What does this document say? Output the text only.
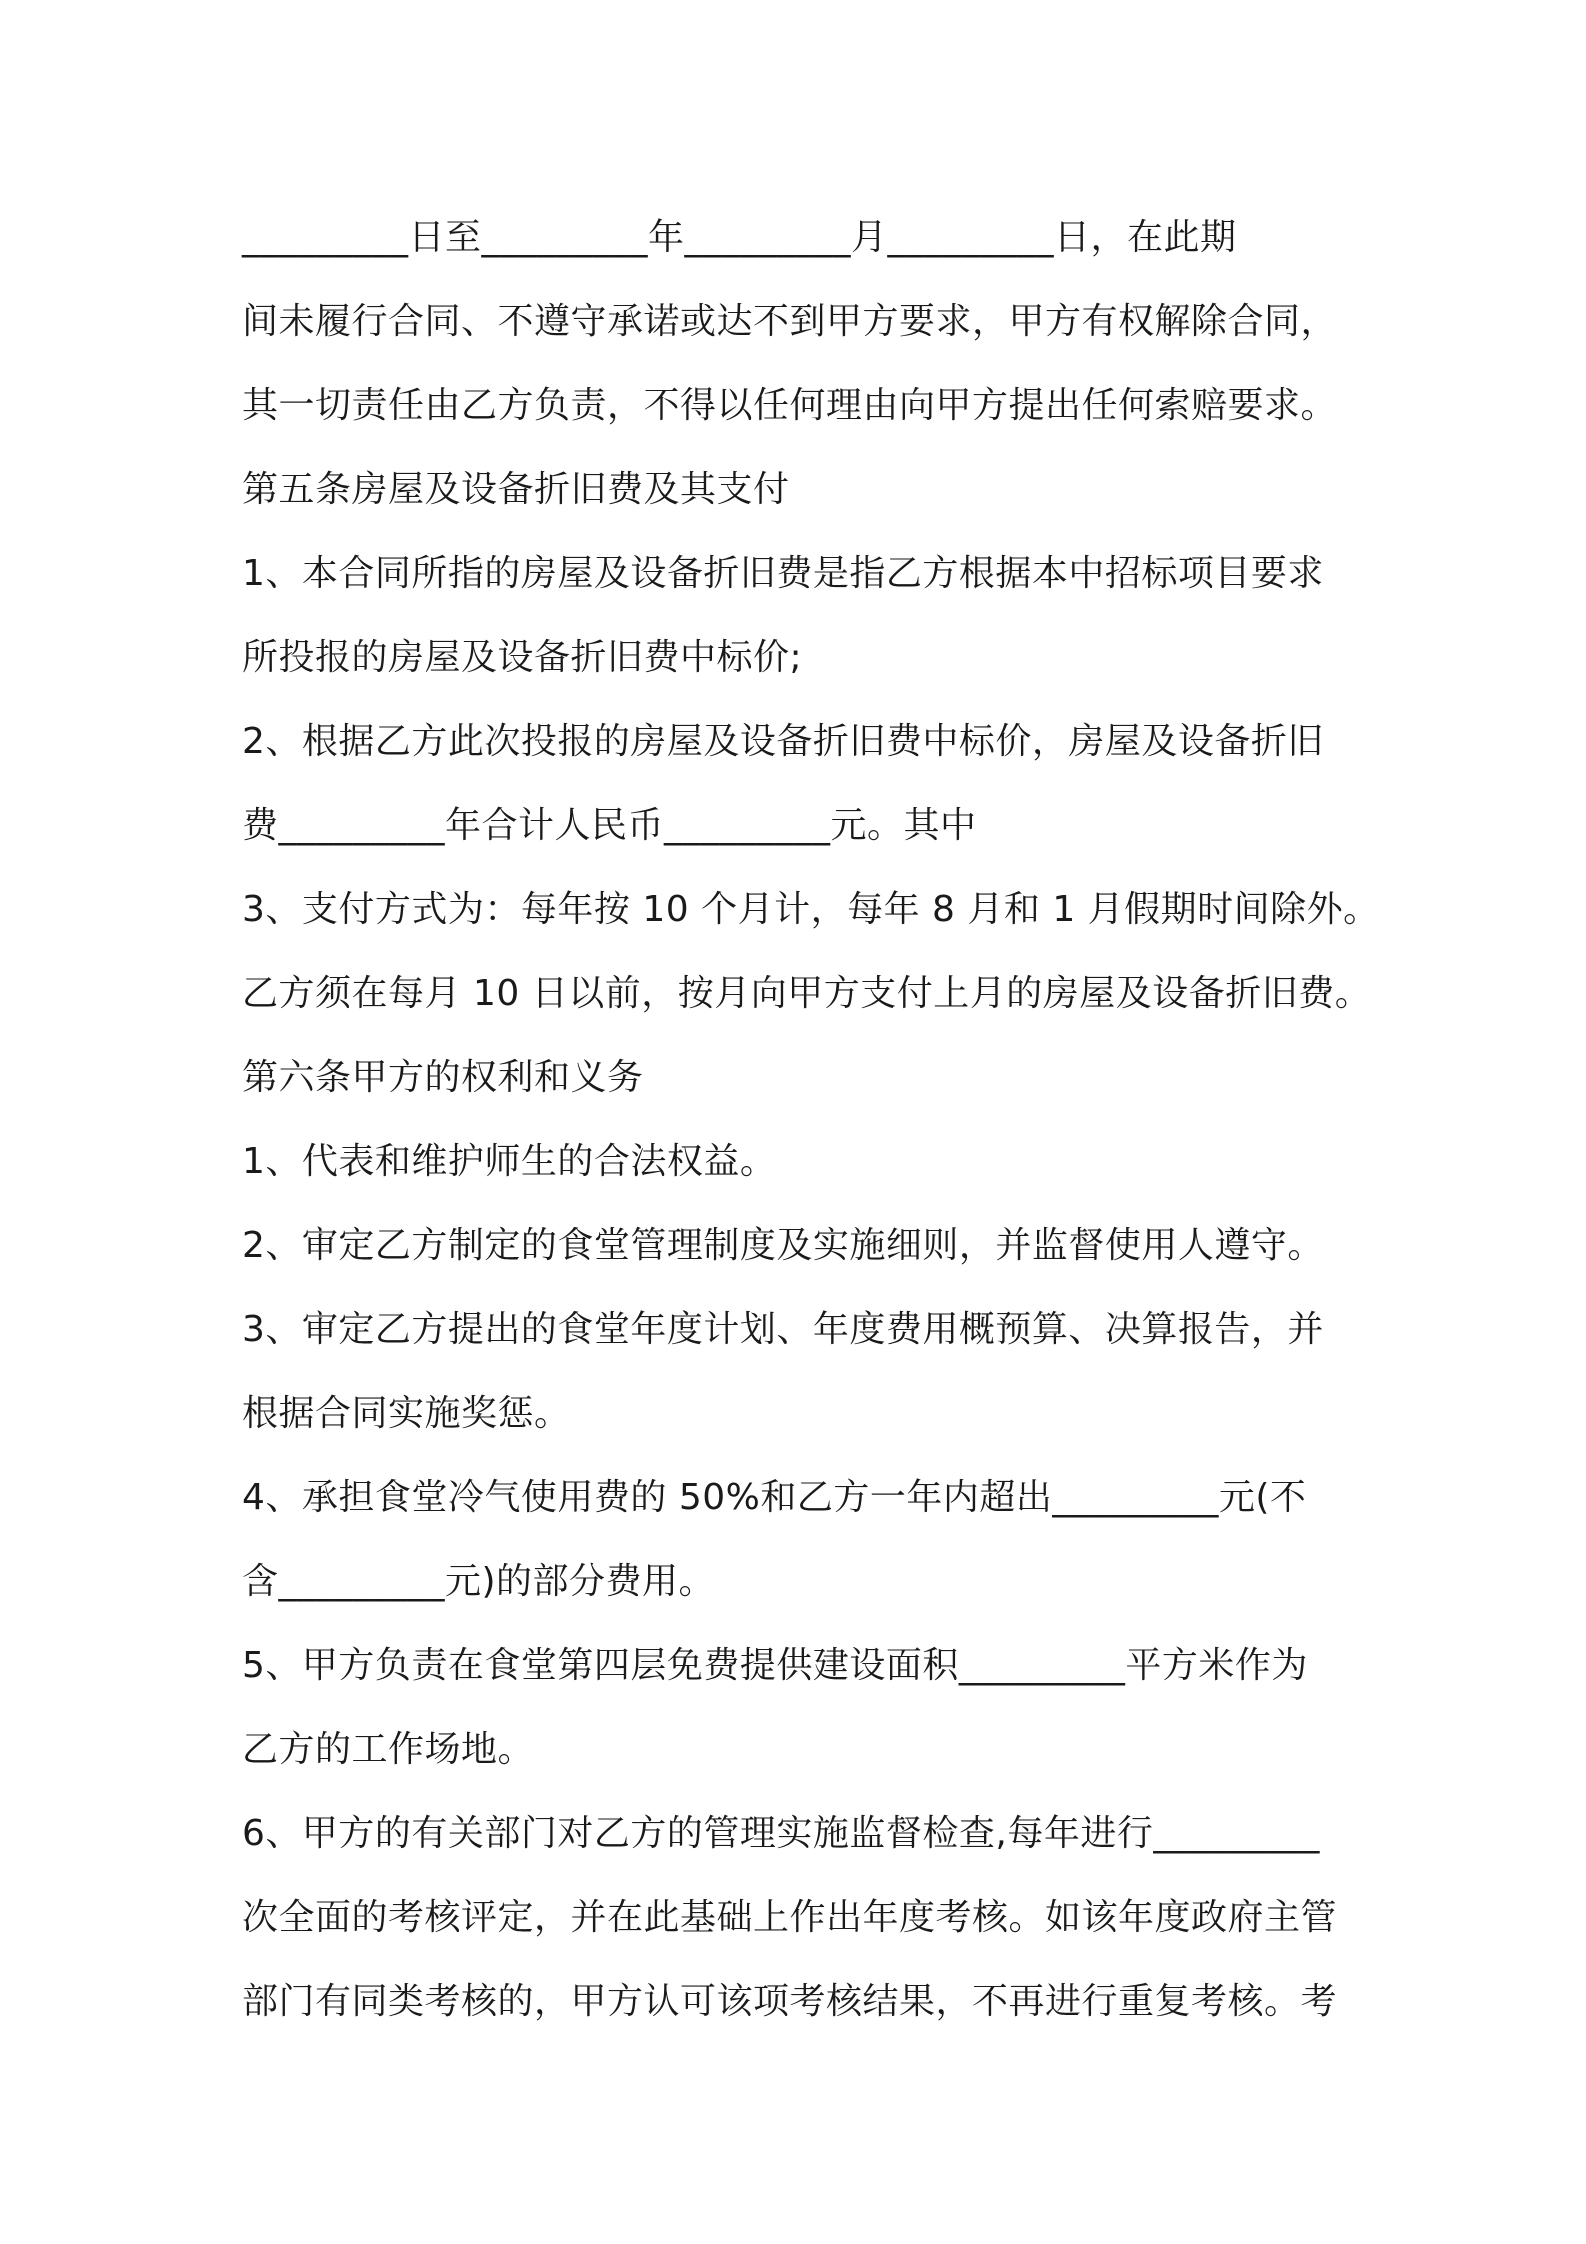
_________日至_________年_________月_________日，在此期
间未履行合同、不遵守承诺或达不到甲方要求，甲方有权解除合同，
其一切责任由乙方负责，不得以任何理由向甲方提出任何索赔要求。
第五条房屋及设备折旧费及其支付
1、本合同所指的房屋及设备折旧费是指乙方根据本中招标项目要求
所投报的房屋及设备折旧费中标价;
2、根据乙方此次投报的房屋及设备折旧费中标价，房屋及设备折旧
费_________年合计人民币_________元。其中
3、支付方式为：每年按 10 个月计，每年 8 月和 1 月假期时间除外。
乙方须在每月 10 日以前，按月向甲方支付上月的房屋及设备折旧费。
第六条甲方的权利和义务
1、代表和维护师生的合法权益。
2、审定乙方制定的食堂管理制度及实施细则，并监督使用人遵守。
3、审定乙方提出的食堂年度计划、年度费用概预算、决算报告，并
根据合同实施奖惩。
4、承担食堂冷气使用费的 50%和乙方一年内超出_________元(不
含_________元)的部分费用。
5、甲方负责在食堂第四层免费提供建设面积_________平方米作为
乙方的工作场地。
6、甲方的有关部门对乙方的管理实施监督检查,每年进行_________
次全面的考核评定，并在此基础上作出年度考核。如该年度政府主管
部门有同类考核的，甲方认可该项考核结果，不再进行重复考核。考
